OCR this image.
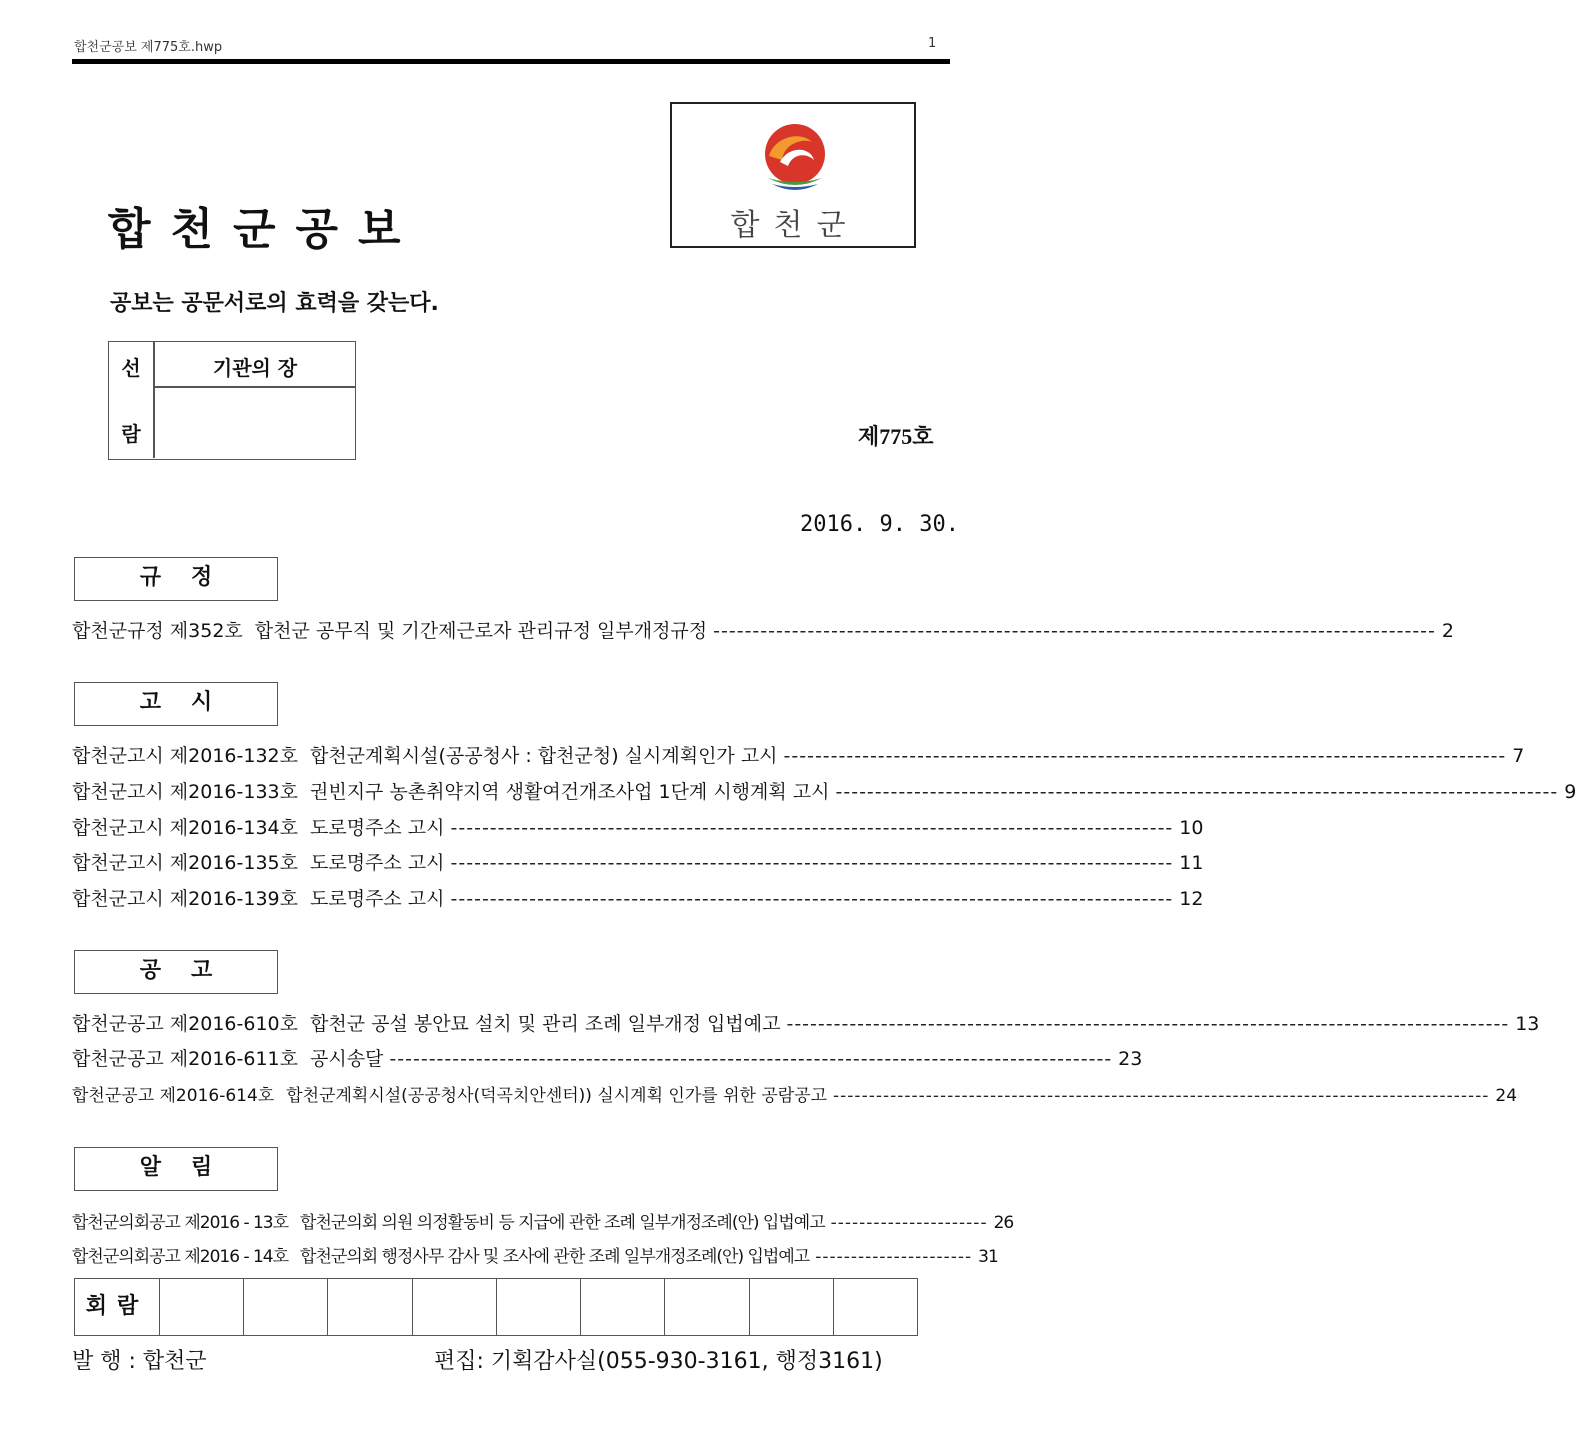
합천군공보 제775호.hwp	1
합천군
합천군공보
공보는 공문서로의 효력을 갖는다.
선
람
기관의 장
제775호
2016. 9. 30.
규정
합천군규정 제352호 합천군 공무직 및 기간제근로자 관리규정 일부개정규정 -------------------------------------------------------------------------------------------- 2
고시
합천군고시 제2016-132호 합천군계획시설(공공청사 : 합천군청) 실시계획인가 고시 -------------------------------------------------------------------------------------------- 7
합천군고시 제2016-133호 권빈지구 농촌취약지역 생활여건개조사업 1단계 시행계획 고시 -------------------------------------------------------------------------------------------- 9
합천군고시 제2016-134호 도로명주소 고시 -------------------------------------------------------------------------------------------- 10
합천군고시 제2016-135호 도로명주소 고시 -------------------------------------------------------------------------------------------- 11
합천군고시 제2016-139호 도로명주소 고시 -------------------------------------------------------------------------------------------- 12
공고
합천군공고 제2016-610호 합천군 공설 봉안묘 설치 및 관리 조례 일부개정 입법예고 -------------------------------------------------------------------------------------------- 13
합천군공고 제2016-611호 공시송달 -------------------------------------------------------------------------------------------- 23
합천군공고 제2016-614호 합천군계획시설(공공청사(덕곡치안센터)) 실시계획 인가를 위한 공람공고 -------------------------------------------------------------------------------------------- 24
알림
합천군의회공고 제2016 - 13호 합천군의회 의원 의정활동비 등 지급에 관한 조례 일부개정조례(안) 입법예고 ---------------------- 26
합천군의회공고 제2016 - 14호 합천군의회 행정사무 감사 및 조사에 관한 조례 일부개정조례(안) 입법예고 ---------------------- 31
회람
발 행 : 합천군	편집: 기획감사실(055-930-3161, 행정3161)
